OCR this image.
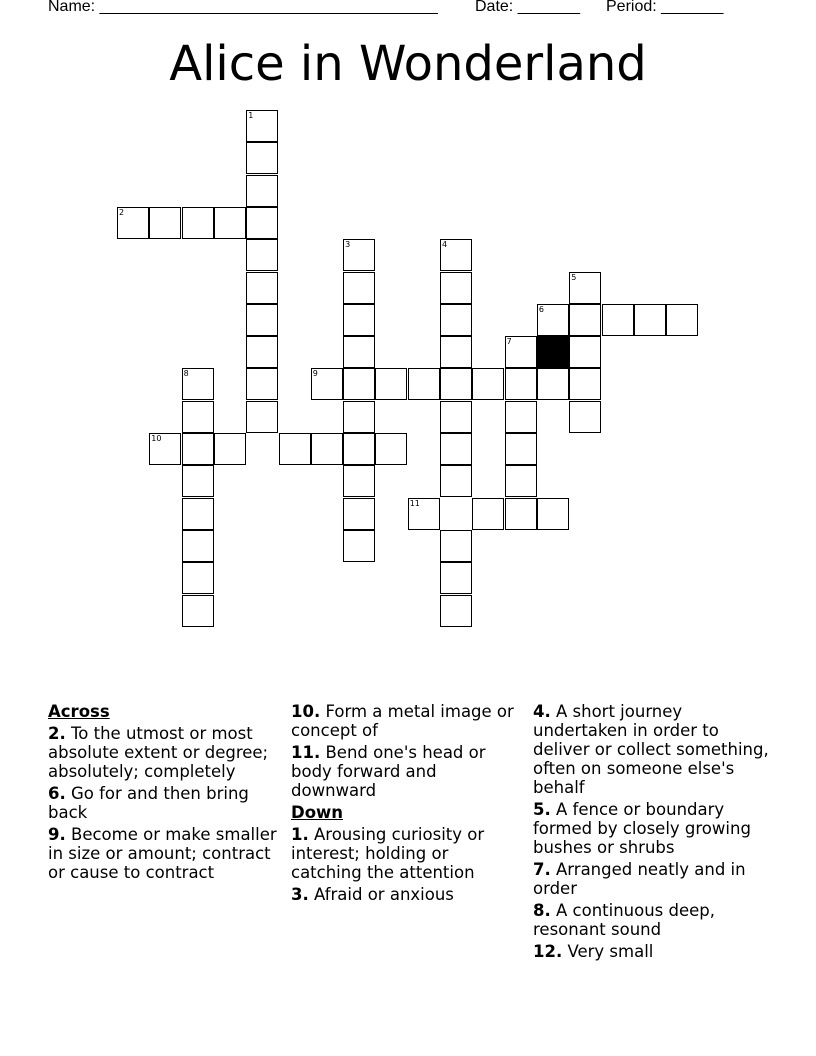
Name: ______________________________________ Date: _______ Period: _______
Alice in Wonderland
1
2
3	4
5
6
7
9
8
10
11
Across
2. To the utmost or most absolute extent or degree; absolutely; completely
6. Go for and then bring back
9. Become or make smaller in size or amount; contract or cause to contract
10. Form a metal image or concept of
11. Bend one's head or body forward and downward
Down
1. Arousing curiosity or interest; holding or catching the attention
3. Afraid or anxious
4. A short journey undertaken in order to deliver or collect something, often on someone else's behalf
5. A fence or boundary formed by closely growing bushes or shrubs
7. Arranged neatly and in order
8. A continuous deep, resonant sound
12. Very small
